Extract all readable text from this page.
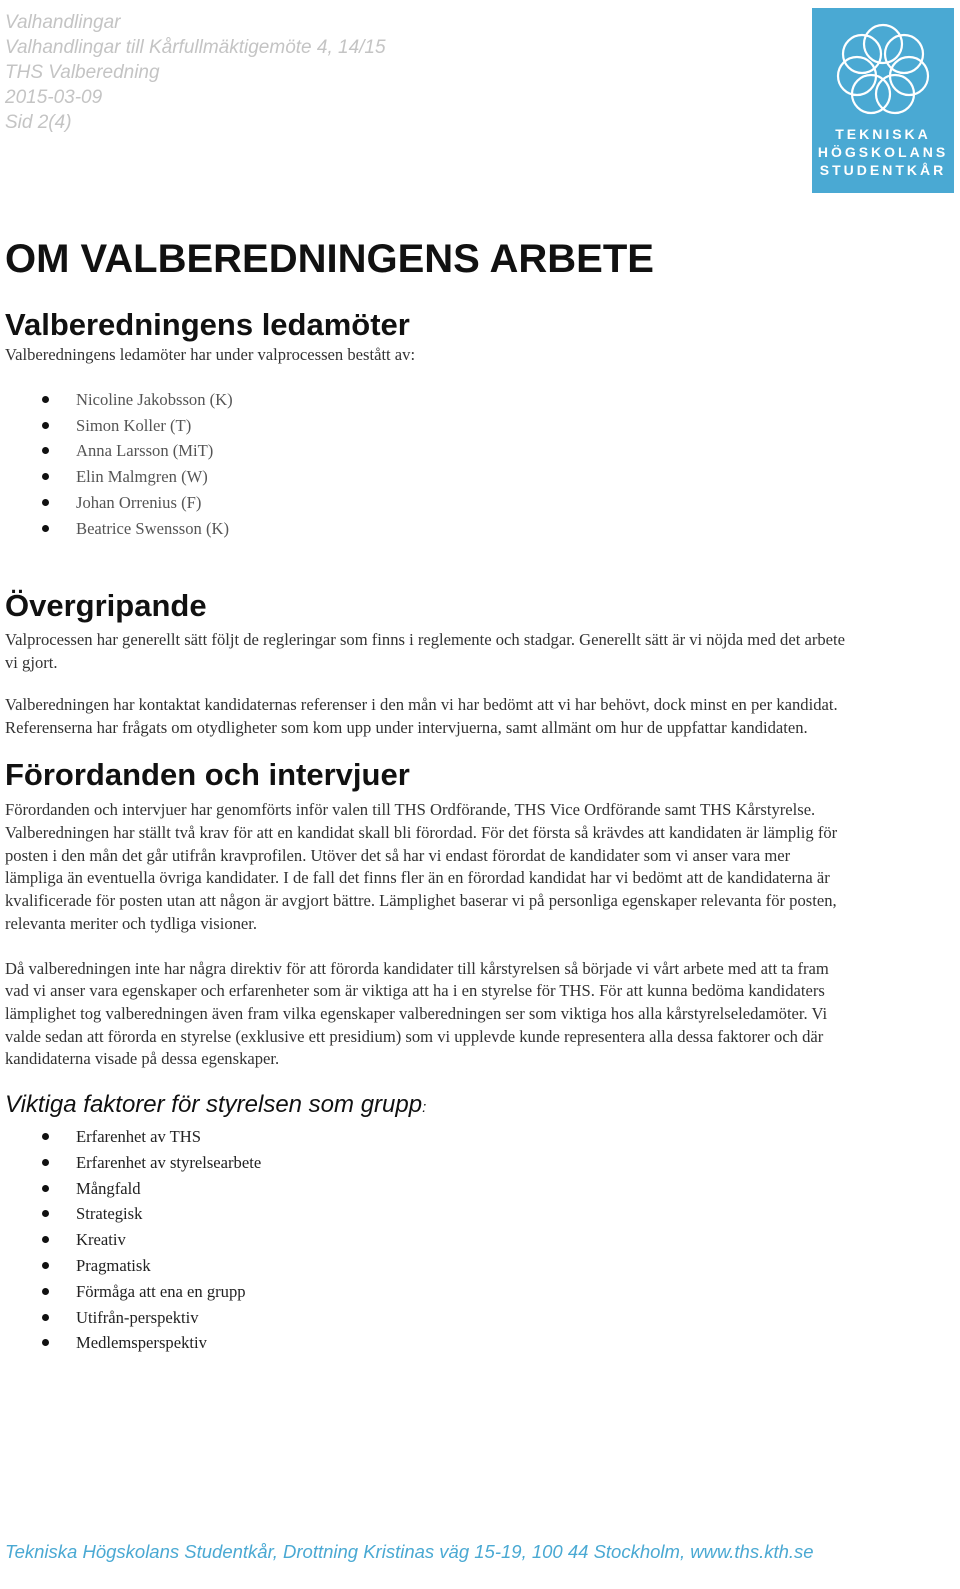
Valhandlingar
Valhandlingar till Kårfullmäktigemöte 4, 14/15
THS Valberedning
2015-03-09
Sid 2(4)
TEKNISKA
HÖGSKOLANS
STUDENTKÅR
OM VALBEREDNINGENS ARBETE
Valberedningens ledamöter

Valberedningens ledamöter har under valprocessen bestått av:

Nicoline Jakobsson (K)
Simon Koller (T)
Anna Larsson (MiT)
Elin Malmgren (W)
Johan Orrenius (F)
Beatrice Swensson (K)
Övergripande

Valprocessen har generellt sätt följt de regleringar som finns i reglemente och stadgar. Generellt sätt är vi nöjda med det arbete vi gjort.

Valberedningen har kontaktat kandidaternas referenser i den mån vi har bedömt att vi har behövt, dock minst en per kandidat. Referenserna har frågats om otydligheter som kom upp under intervjuerna, samt allmänt om hur de uppfattar kandidaten.

Förordanden och intervjuer

Förordanden och intervjuer har genomförts inför valen till THS Ordförande, THS Vice Ordförande samt THS Kårstyrelse. Valberedningen har ställt två krav för att en kandidat skall bli förordad. För det första så krävdes att kandidaten är lämplig för posten i den mån det går utifrån kravprofilen. Utöver det så har vi endast förordat de kandidater som vi anser vara mer lämpliga än eventuella övriga kandidater. I de fall det finns fler än en förordad kandidat har vi bedömt att de kandidaterna är kvalificerade för posten utan att någon är avgjort bättre. Lämplighet baserar vi på personliga egenskaper relevanta för posten, relevanta meriter och tydliga visioner.

Då valberedningen inte har några direktiv för att förorda kandidater till kårstyrelsen så började vi vårt arbete med att ta fram vad vi anser vara egenskaper och erfarenheter som är viktiga att ha i en styrelse för THS. För att kunna bedöma kandidaters lämplighet tog valberedningen även fram vilka egenskaper valberedningen ser som viktiga hos alla kårstyrelseledamöter. Vi valde sedan att förorda en styrelse (exklusive ett presidium) som vi upplevde kunde representera alla dessa faktorer och där kandidaterna visade på dessa egenskaper.

Viktiga faktorer för styrelsen som grupp:
Erfarenhet av THS
Erfarenhet av styrelsearbete
Mångfald
Strategisk
Kreativ
Pragmatisk
Förmåga att ena en grupp
Utifrån-perspektiv
Medlemsperspektiv
Tekniska Högskolans Studentkår, Drottning Kristinas väg 15-19, 100 44 Stockholm, www.ths.kth.se
